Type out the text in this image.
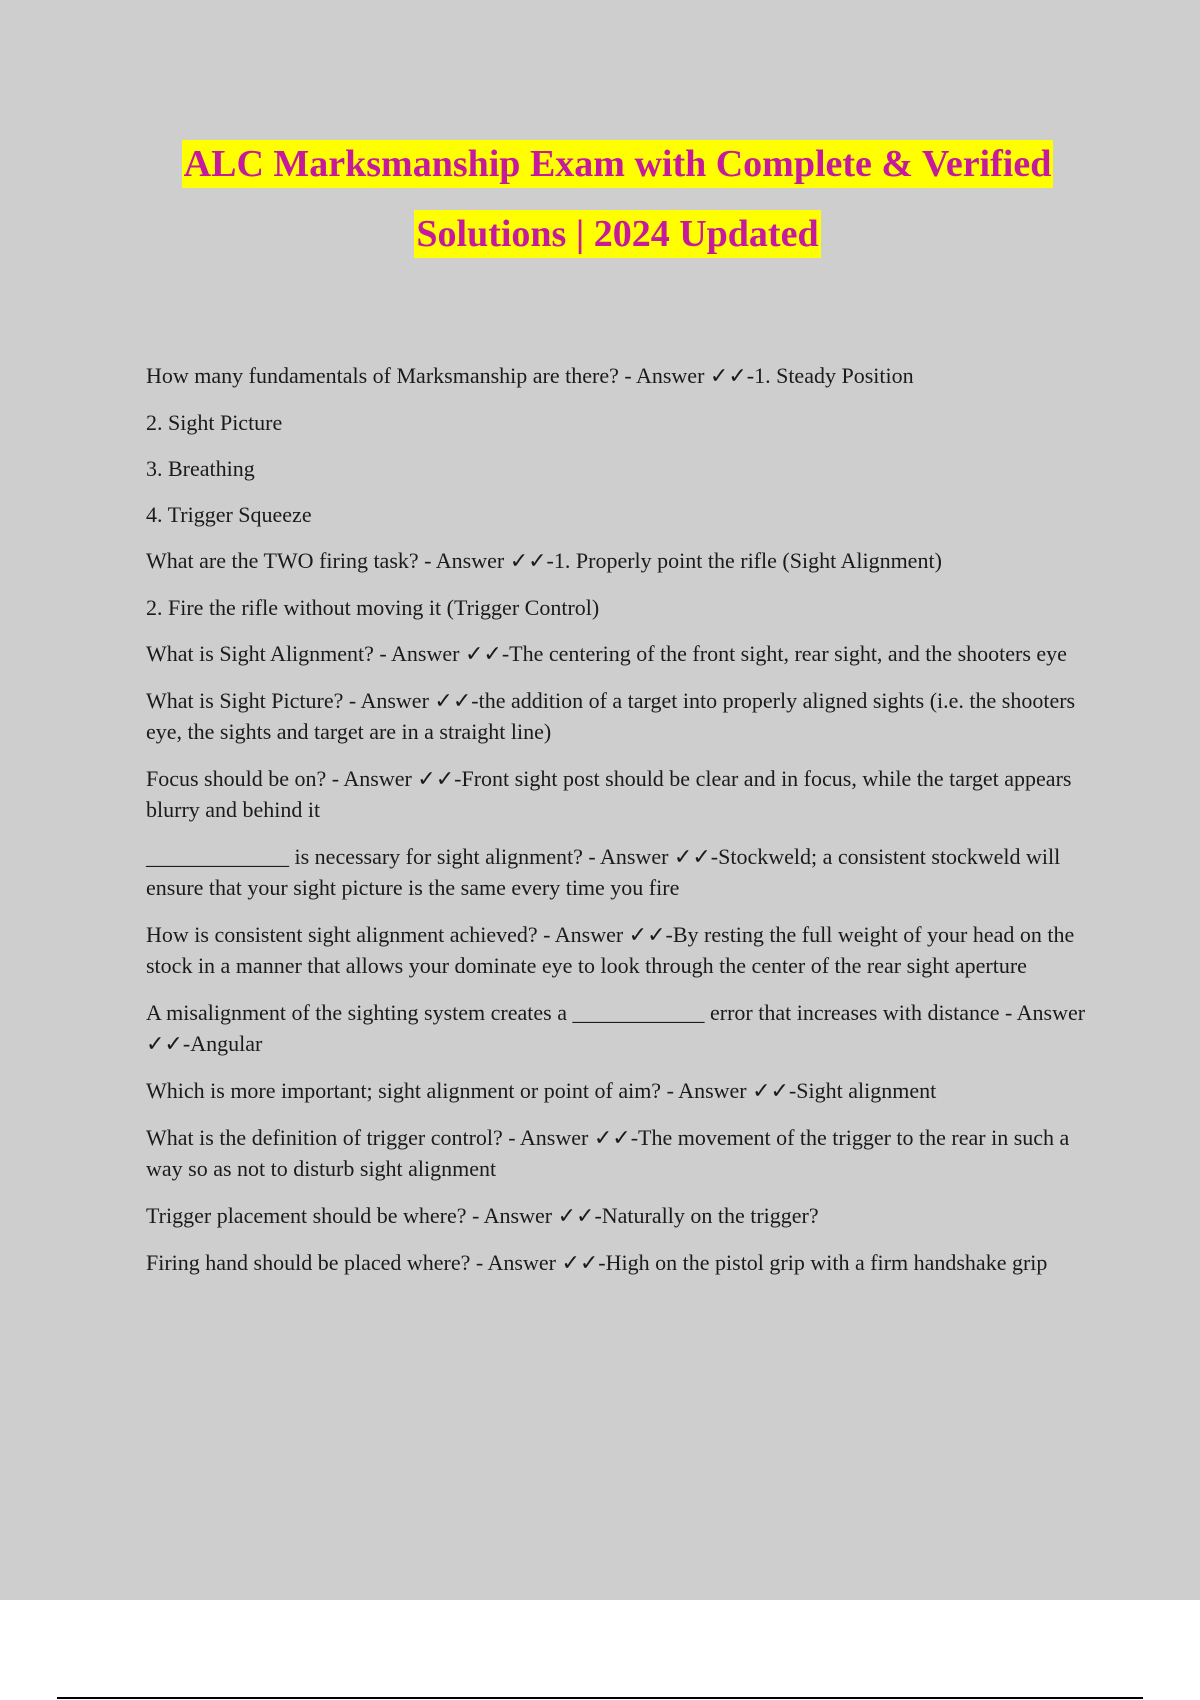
ALC Marksmanship Exam with Complete & Verified
Solutions | 2024 Updated

How many fundamentals of Marksmanship are there? - Answer ✓✓-1. Steady Position

2. Sight Picture

3. Breathing

4. Trigger Squeeze

What are the TWO firing task? - Answer ✓✓-1. Properly point the rifle (Sight Alignment)

2. Fire the rifle without moving it (Trigger Control)

What is Sight Alignment? - Answer ✓✓-The centering of the front sight, rear sight, and the shooters eye

What is Sight Picture? - Answer ✓✓-the addition of a target into properly aligned sights (i.e. the shooters eye, the sights and target are in a straight line)

Focus should be on? - Answer ✓✓-Front sight post should be clear and in focus, while the target appears blurry and behind it

_____________ is necessary for sight alignment? - Answer ✓✓-Stockweld; a consistent stockweld will ensure that your sight picture is the same every time you fire

How is consistent sight alignment achieved? - Answer ✓✓-By resting the full weight of your head on the stock in a manner that allows your dominate eye to look through the center of the rear sight aperture

A misalignment of the sighting system creates a ____________ error that increases with distance - Answer ✓✓-Angular

Which is more important; sight alignment or point of aim? - Answer ✓✓-Sight alignment

What is the definition of trigger control? - Answer ✓✓-The movement of the trigger to the rear in such a way so as not to disturb sight alignment

Trigger placement should be where? - Answer ✓✓-Naturally on the trigger?

Firing hand should be placed where? - Answer ✓✓-High on the pistol grip with a firm handshake grip
